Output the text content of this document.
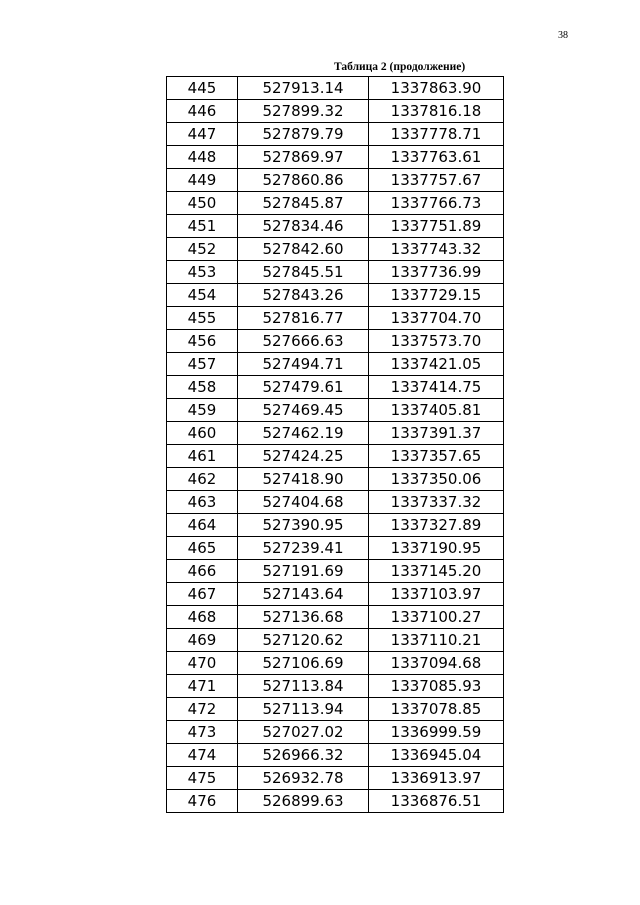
38
Таблица 2 (продолжение)
445	527913.14	1337863.90
446	527899.32	1337816.18
447	527879.79	1337778.71
448	527869.97	1337763.61
449	527860.86	1337757.67
450	527845.87	1337766.73
451	527834.46	1337751.89
452	527842.60	1337743.32
453	527845.51	1337736.99
454	527843.26	1337729.15
455	527816.77	1337704.70
456	527666.63	1337573.70
457	527494.71	1337421.05
458	527479.61	1337414.75
459	527469.45	1337405.81
460	527462.19	1337391.37
461	527424.25	1337357.65
462	527418.90	1337350.06
463	527404.68	1337337.32
464	527390.95	1337327.89
465	527239.41	1337190.95
466	527191.69	1337145.20
467	527143.64	1337103.97
468	527136.68	1337100.27
469	527120.62	1337110.21
470	527106.69	1337094.68
471	527113.84	1337085.93
472	527113.94	1337078.85
473	527027.02	1336999.59
474	526966.32	1336945.04
475	526932.78	1336913.97
476	526899.63	1336876.51
